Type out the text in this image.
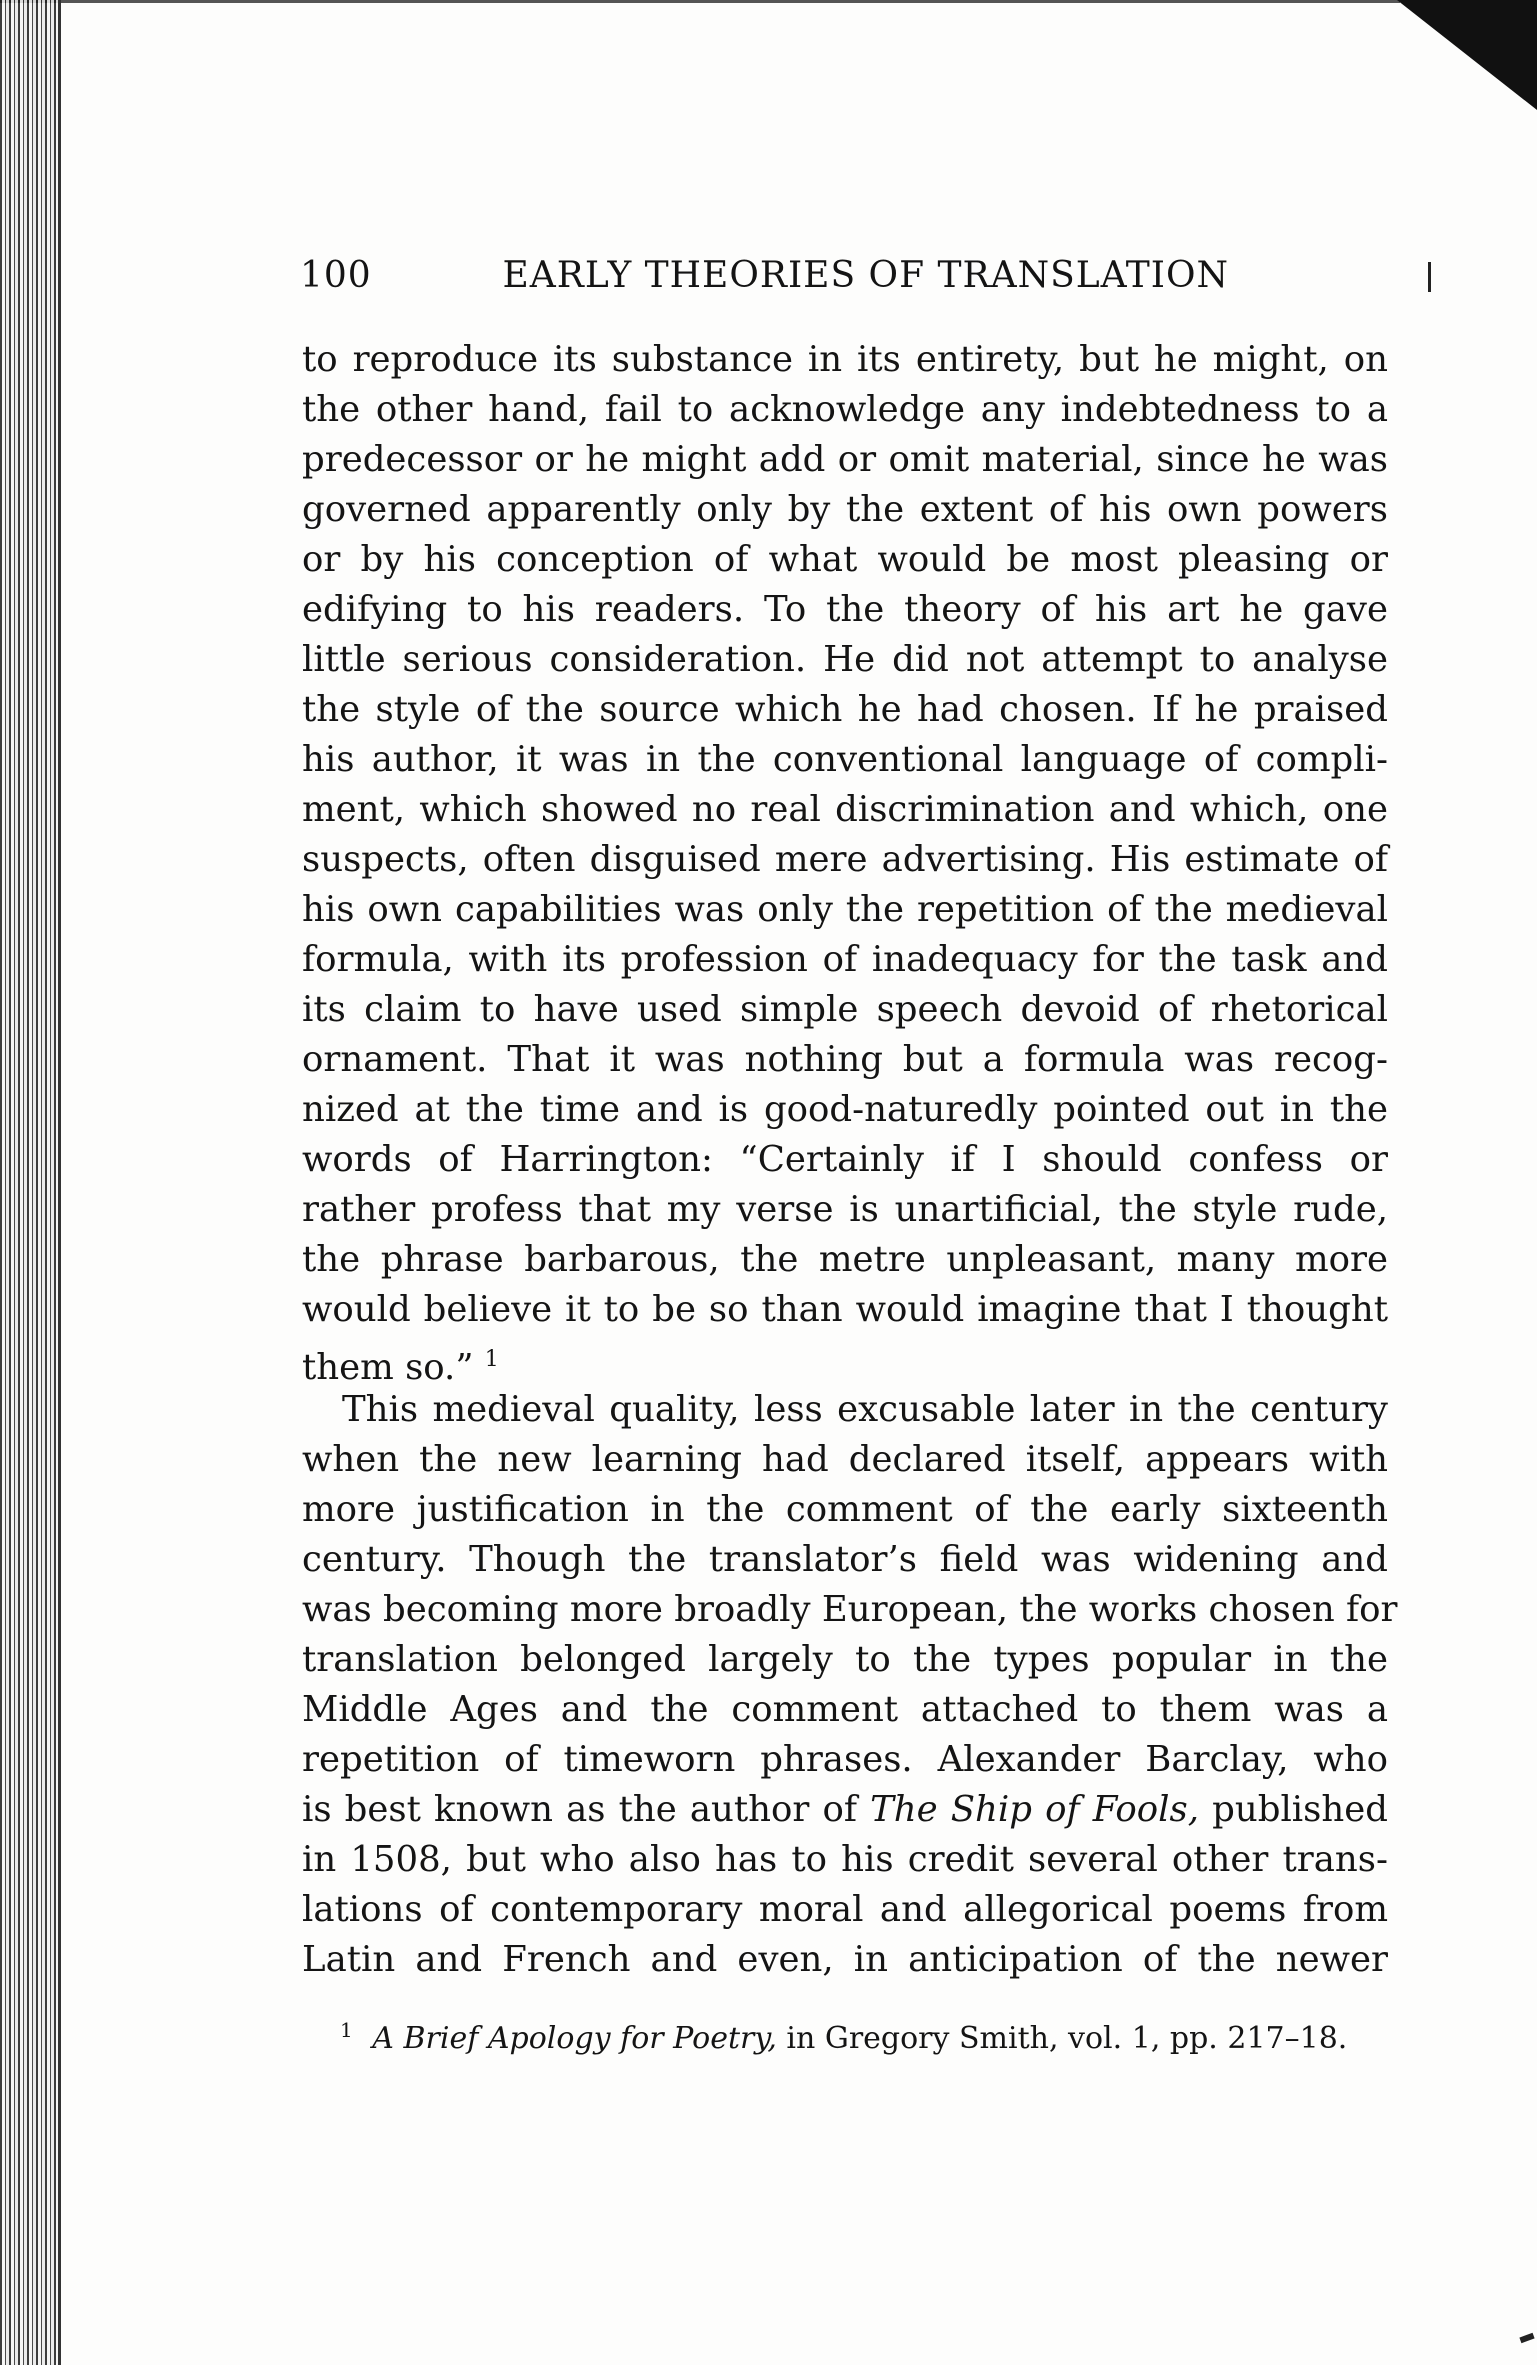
100	EARLY THEORIES OF TRANSLATION
to reproduce its substance in its entirety, but he might, on
the other hand, fail to acknowledge any indebtedness to a
predecessor or he might add or omit material, since he was
governed apparently only by the extent of his own powers
or by his conception of what would be most pleasing or
edifying to his readers. To the theory of his art he gave
little serious consideration. He did not attempt to analyse
the style of the source which he had chosen. If he praised
his author, it was in the conventional language of compli-
ment, which showed no real discrimination and which, one
suspects, often disguised mere advertising. His estimate of
his own capabilities was only the repetition of the medieval
formula, with its profession of inadequacy for the task and
its claim to have used simple speech devoid of rhetorical
ornament. That it was nothing but a formula was recog-
nized at the time and is good-naturedly pointed out in the
words of Harrington: “Certainly if I should confess or
rather profess that my verse is unartificial, the style rude,
the phrase barbarous, the metre unpleasant, many more
would believe it to be so than would imagine that I thought
them so.” $^1$
This medieval quality, less excusable later in the century
when the new learning had declared itself, appears with
more justification in the comment of the early sixteenth
century. Though the translator’s field was widening and
was becoming more broadly European, the works chosen for
translation belonged largely to the types popular in the
Middle Ages and the comment attached to them was a
repetition of timeworn phrases. Alexander Barclay, who
is best known as the author of The Ship of Fools, published
in 1508, but who also has to his credit several other trans-
lations of contemporary moral and allegorical poems from
Latin and French and even, in anticipation of the newer
$^1$ A Brief Apology for Poetry, in Gregory Smith, vol. 1, pp. 217–18.
